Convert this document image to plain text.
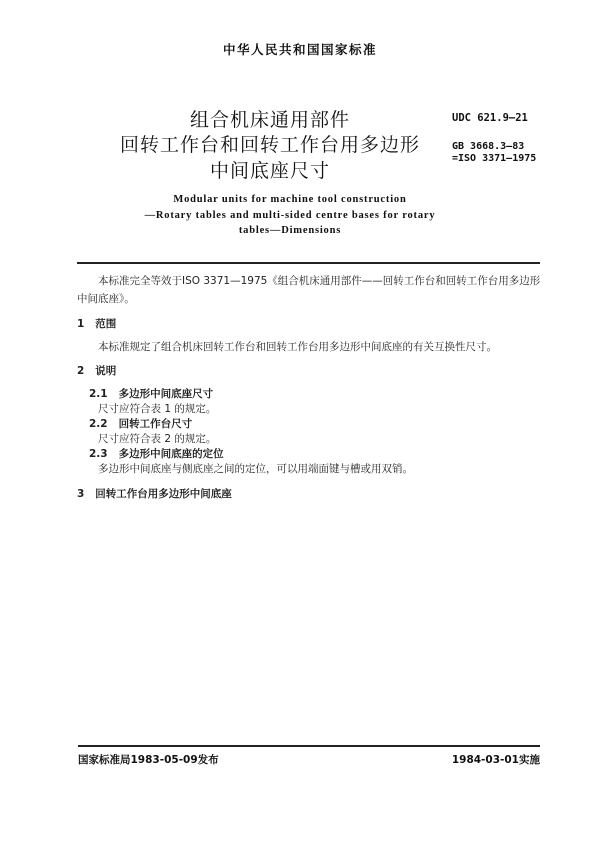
中华人民共和国国家标准
组合机床通用部件
回转工作台和回转工作台用多边形
中间底座尺寸
UDC 621.9—21
GB 3668.3—83
=ISO 3371—1975
Modular units for machine tool construction
—Rotary tables and multi-sided centre bases for rotary
tables—Dimensions
本标准完全等效于ISO 3371—1975《组合机床通用部件——回转工作台和回转工作台用多边形
中间底座》。
1 范围
本标准规定了组合机床回转工作台和回转工作台用多边形中间底座的有关互换性尺寸。
2 说明
2.1 多边形中间底座尺寸
尺寸应符合表 1 的规定。
2.2 回转工作台尺寸
尺寸应符合表 2 的规定。
2.3 多边形中间底座的定位
多边形中间底座与侧底座之间的定位，可以用端面键与槽或用双销。
3 回转工作台用多边形中间底座
国家标准局1983-05-09发布	1984-03-01实施
